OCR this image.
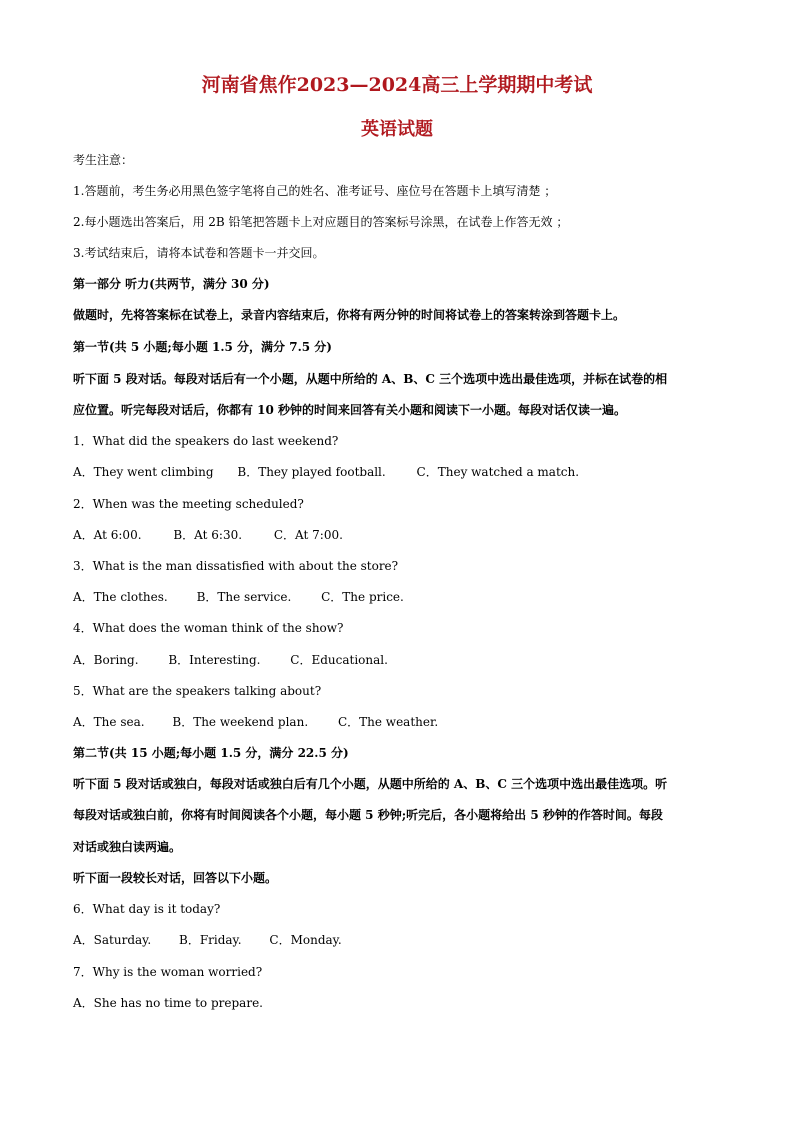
河南省焦作2023—2024高三上学期期中考试
英语试题
考生注意：
1.答题前，考生务必用黑色签字笔将自己的姓名、准考证号、座位号在答题卡上填写清楚 ；
2.每小题选出答案后，用 2B 铅笔把答题卡上对应题目的答案标号涂黑，在试卷上作答无效 ；
3.考试结束后，请将本试卷和答题卡一并交回。
第一部分 听力(共两节，满分 30 分)
做题时，先将答案标在试卷上，录音内容结束后，你将有两分钟的时间将试卷上的答案转涂到答题卡上。
第一节(共 5 小题;每小题 1.5 分，满分 7.5 分)
听下面 5 段对话。每段对话后有一个小题，从题中所给的 A、B、C 三个选项中选出最佳选项，并标在试卷的相
应位置。听完每段对话后，你都有 10 秒钟的时间来回答有关小题和阅读下一小题。每段对话仅读一遍。
1．What did the speakers do last weekend?
A．They went climbing B．They played football.	C．They watched a match.
2．When was the meeting scheduled?
A．At 6:00.	B．At 6:30.	C．At 7:00.
3．What is the man dissatisfied with about the store?
A．The clothes. B．The service. C．The price.
4．What does the woman think of the show?
A．Boring. B．Interesting. C．Educational.
5．What are the speakers talking about?
A．The sea. B．The weekend plan. C．The weather.
第二节(共 15 小题;每小题 1.5 分，满分 22.5 分)
听下面 5 段对话或独白，每段对话或独白后有几个小题，从题中所给的 A、B、C 三个选项中选出最佳选项。听
每段对话或独白前，你将有时间阅读各个小题，每小题 5 秒钟;听完后，各小题将给出 5 秒钟的作答时间。每段
对话或独白读两遍。
听下面一段较长对话，回答以下小题。
6．What day is it today?
A．Saturday. B．Friday. C．Monday.
7．Why is the woman worried?
A．She has no time to prepare.
